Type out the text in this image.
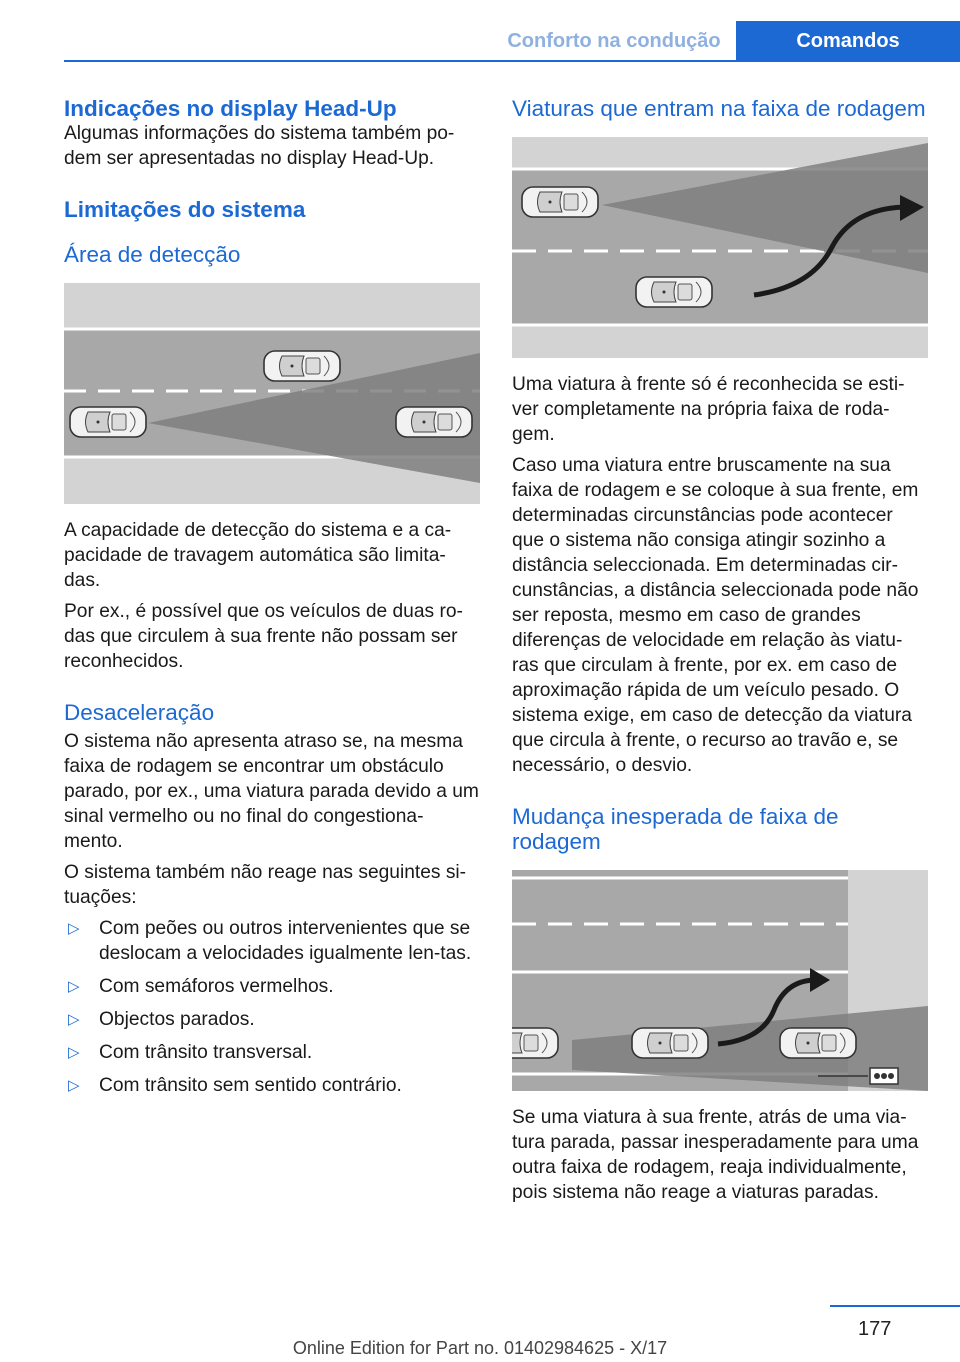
Conforto na condução	Comandos
Indicações no display Head-Up

Algumas informações do sistema também po-dem ser apresentadas no display Head-Up.

Limitações do sistema
Área de detecção

A capacidade de detecção do sistema e a ca-pacidade de travagem automática são limita-das.

Por ex., é possível que os veículos de duas ro-das que circulem à sua frente não possam ser reconhecidos.

Desaceleração

O sistema não apresenta atraso se, na mesma faixa de rodagem se encontrar um obstáculo parado, por ex., uma viatura parada devido a um sinal vermelho ou no final do congestiona-mento.

O sistema também não reage nas seguintes si-tuações:

▷ Com peões ou outros intervenientes que se deslocam a velocidades igualmente len-tas.
▷ Com semáforos vermelhos.
▷ Objectos parados.
▷ Com trânsito transversal.
▷ Com trânsito sem sentido contrário.
Viaturas que entram na faixa de rodagem

Uma viatura à frente só é reconhecida se esti-ver completamente na própria faixa de roda-gem.

Caso uma viatura entre bruscamente na sua faixa de rodagem e se coloque à sua frente, em determinadas circunstâncias pode acontecer que o sistema não consiga atingir sozinho a distância seleccionada. Em determinadas cir-cunstâncias, a distância seleccionada pode não ser reposta, mesmo em caso de grandes diferenças de velocidade em relação às viatu-ras que circulam à frente, por ex. em caso de aproximação rápida de um veículo pesado. O sistema exige, em caso de detecção da viatura que circula à frente, o recurso ao travão e, se necessário, o desvio.

Mudança inesperada de faixa de rodagem

Se uma viatura à sua frente, atrás de uma via-tura parada, passar inesperadamente para uma outra faixa de rodagem, reaja individualmente, pois sistema não reage a viaturas paradas.

177
Online Edition for Part no. 01402984625 - X/17
